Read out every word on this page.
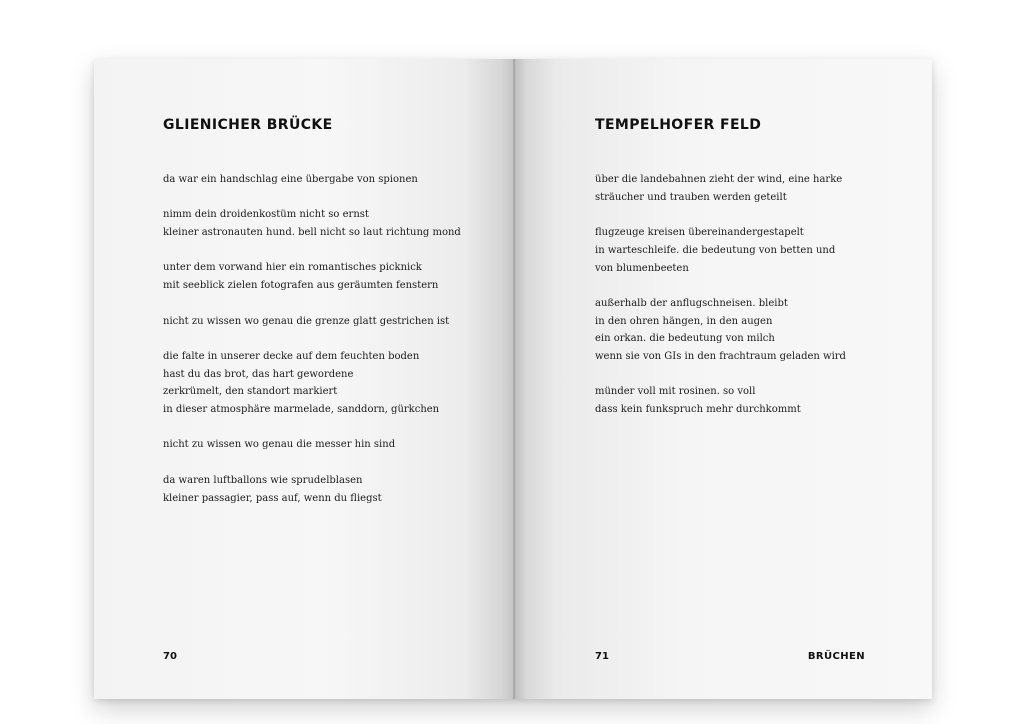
GLIENICHER BRÜCKE

da war ein handschlag eine übergabe von spionen

nimm dein droidenkostüm nicht so ernst
kleiner astronauten hund. bell nicht so laut richtung mond

unter dem vorwand hier ein romantisches picknick
mit seeblick zielen fotografen aus geräumten fenstern

nicht zu wissen wo genau die grenze glatt gestrichen ist

die falte in unserer decke auf dem feuchten boden
hast du das brot, das hart gewordene
zerkrümelt, den standort markiert
in dieser atmosphäre marmelade, sanddorn, gürkchen

nicht zu wissen wo genau die messer hin sind

da waren luftballons wie sprudelblasen
kleiner passagier, pass auf, wenn du fliegst

70
TEMPELHOFER FELD

über die landebahnen zieht der wind, eine harke
sträucher und trauben werden geteilt

flugzeuge kreisen übereinandergestapelt
in warteschleife. die bedeutung von betten und
von blumenbeeten

außerhalb der anflugschneisen. bleibt
in den ohren hängen, in den augen
ein orkan. die bedeutung von milch
wenn sie von GIs in den frachtraum geladen wird

münder voll mit rosinen. so voll
dass kein funkspruch mehr durchkommt

71	BRÜCHEN
